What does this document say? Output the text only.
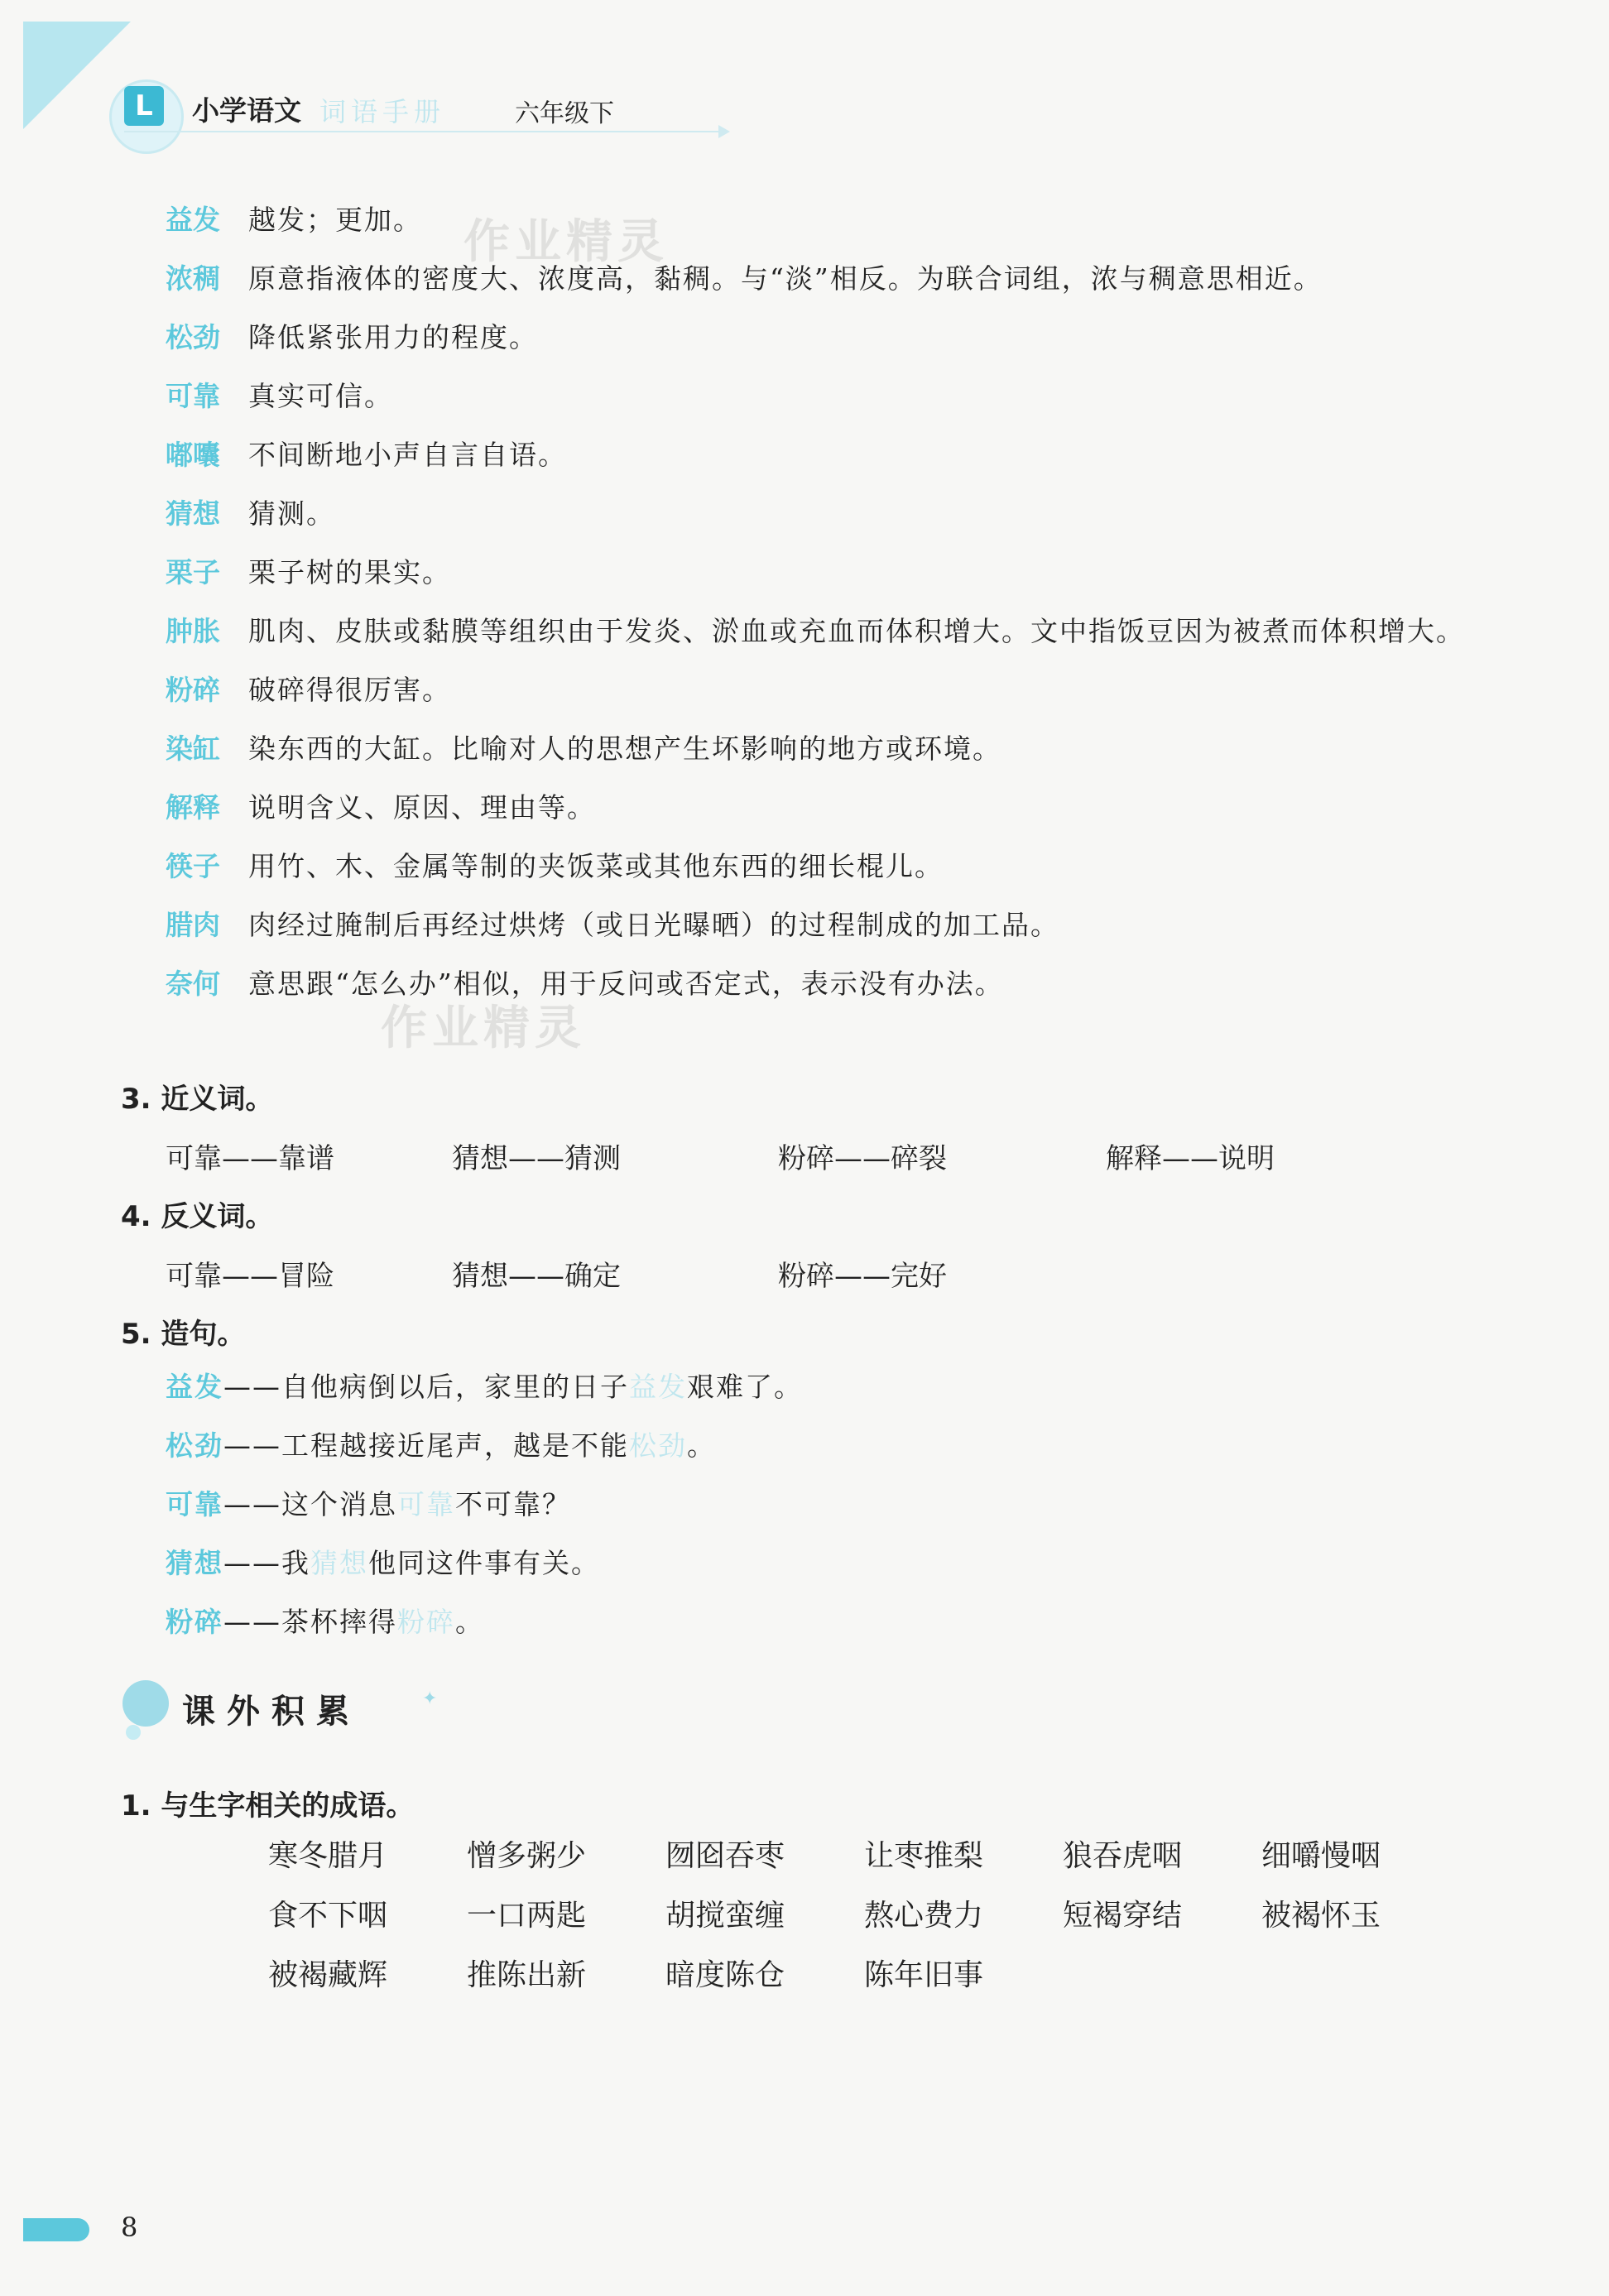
L	小学语文 词语手册	六年级下
作业精灵
作业精灵
益发	越发；更加。
浓稠	原意指液体的密度大、浓度高，黏稠。与“淡”相反。为联合词组，浓与稠意思相近。
松劲	降低紧张用力的程度。
可靠	真实可信。
嘟囔	不间断地小声自言自语。
猜想	猜测。
栗子	栗子树的果实。
肿胀	肌肉、皮肤或黏膜等组织由于发炎、淤血或充血而体积增大。文中指饭豆因为被煮而体积增大。
粉碎	破碎得很厉害。
染缸	染东西的大缸。比喻对人的思想产生坏影响的地方或环境。
解释	说明含义、原因、理由等。
筷子	用竹、木、金属等制的夹饭菜或其他东西的细长棍儿。
腊肉	肉经过腌制后再经过烘烤（或日光曝晒）的过程制成的加工品。
奈何	意思跟“怎么办”相似，用于反问或否定式，表示没有办法。
3. 近义词。
可靠——靠谱	猜想——猜测	粉碎——碎裂	解释——说明
4. 反义词。
可靠——冒险	猜想——确定	粉碎——完好
5. 造句。
益发——自他病倒以后，家里的日子益发艰难了。
松劲——工程越接近尾声，越是不能松劲。
可靠——这个消息可靠不可靠？
猜想——我猜想他同这件事有关。
粉碎——茶杯摔得粉碎。
课外积累	✦
1. 与生字相关的成语。
寒冬腊月	憎多粥少	囫囵吞枣	让枣推梨	狼吞虎咽	细嚼慢咽
食不下咽	一口两匙	胡搅蛮缠	熬心费力	短褐穿结	被褐怀玉
被褐藏辉	推陈出新	暗度陈仓	陈年旧事
8
